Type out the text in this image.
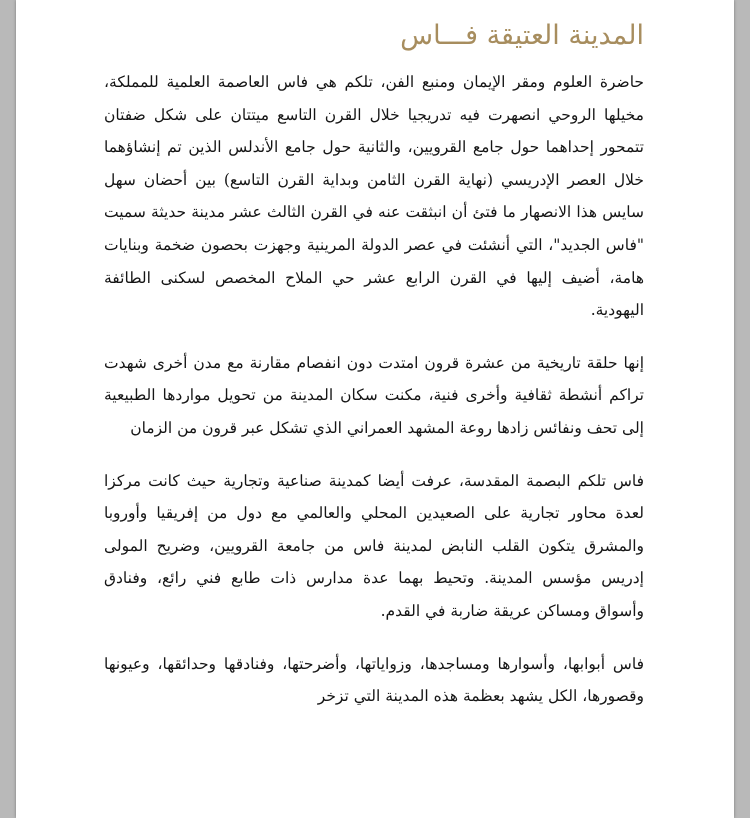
المدينة العتيقة فـــاس

حاضرة العلوم ومقر الإيمان ومنبع الفن، تلكم هي فاس العاصمة العلمية للمملكة، مخيلها الروحي انصهرت فيه تدريجيا خلال القرن التاسع ميتتان على شكل ضفتان تتمحور إحداهما حول جامع القرويين، والثانية حول جامع الأندلس الذين تم إنشاؤهما خلال العصر الإدريسي (نهاية القرن الثامن وبداية القرن التاسع) بين أحضان سهل سايس هذا الانصهار ما فتئ أن انبثقت عنه في القرن الثالث عشر مدينة حديثة سميت "فاس الجديد"، التي أنشئت في عصر الدولة المرينية وجهزت بحصون ضخمة وبنايات هامة، أضيف إليها في القرن الرابع عشر حي الملاح المخصص لسكنى الطائفة اليهودية.

إنها حلقة تاريخية من عشرة قرون امتدت دون انفصام مقارنة مع مدن أخرى شهدت تراكم أنشطة ثقافية وأخرى فنية، مكنت سكان المدينة من تحويل مواردها الطبيعية إلى تحف ونفائس زادها روعة المشهد العمراني الذي تشكل عبر قرون من الزمان

فاس تلكم البصمة المقدسة، عرفت أيضا كمدينة صناعية وتجارية حيث كانت مركزا لعدة محاور تجارية على الصعيدين المحلي والعالمي مع دول من إفريقيا وأوروبا والمشرق يتكون القلب النابض لمدينة فاس من جامعة القرويين، وضريح المولى إدريس مؤسس المدينة. وتحيط بهما عدة مدارس ذات طابع فني رائع، وفنادق وأسواق ومساكن عريقة ضاربة في القدم.

فاس أبوابها، وأسوارها ومساجدها، وزواياتها، وأضرحتها، وفنادقها وحدائقها، وعيونها وقصورها، الكل يشهد بعظمة هذه المدينة التي تزخر
